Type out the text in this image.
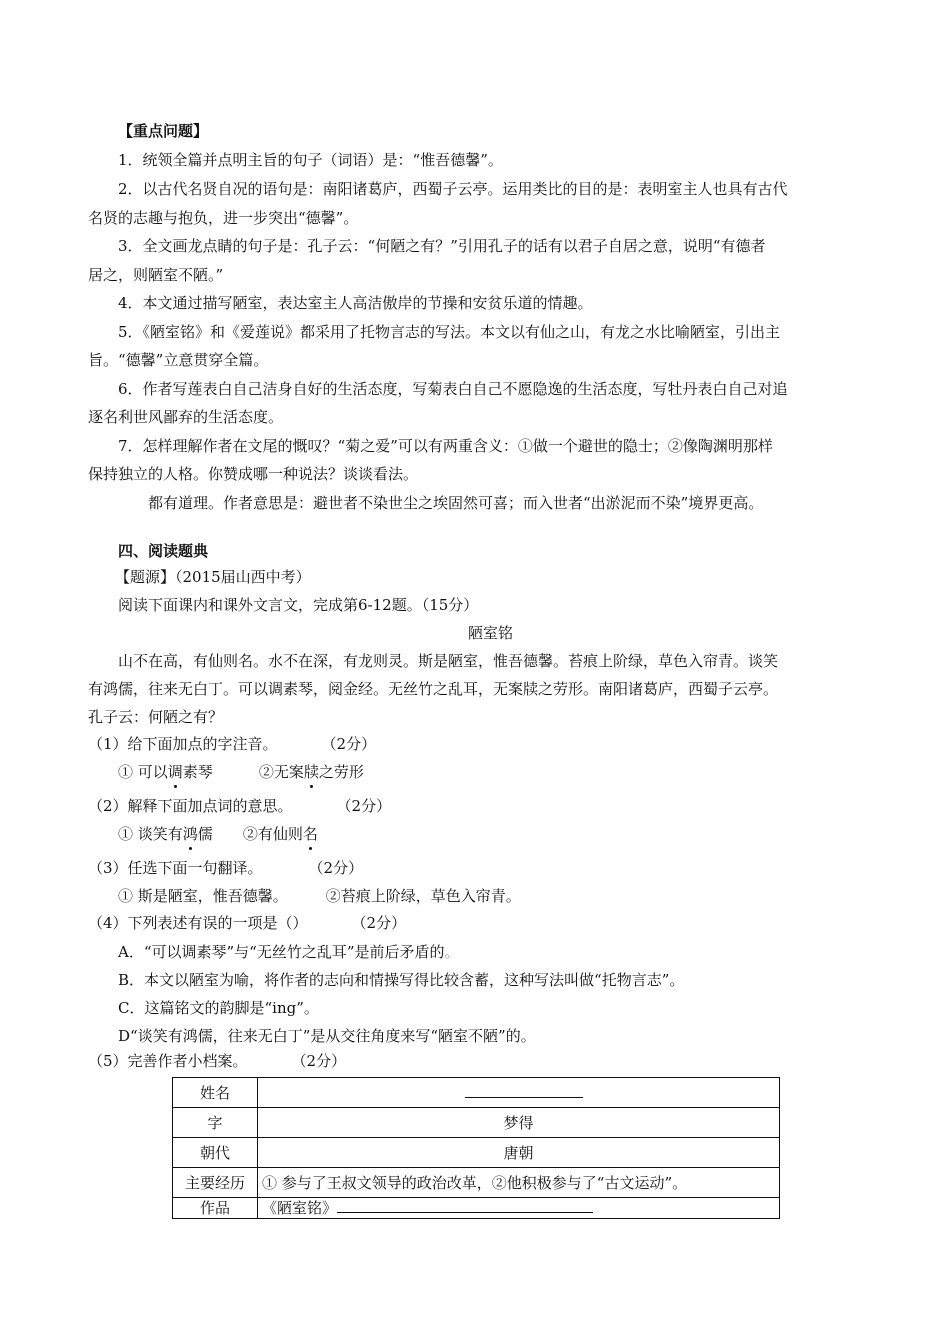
【重点问题】
1．统领全篇并点明主旨的句子（词语）是：“惟吾德馨”。
2．以古代名贤自况的语句是：南阳诸葛庐，西蜀子云亭。运用类比的目的是：表明室主人也具有古代
名贤的志趣与抱负，进一步突出“德馨”。
3．全文画龙点睛的句子是：孔子云：“何陋之有？”引用孔子的话有以君子自居之意，说明“有德者
居之，则陋室不陋。”
4．本文通过描写陋室，表达室主人高洁傲岸的节操和安贫乐道的情趣。
5．《陋室铭》和《爱莲说》都采用了托物言志的写法。本文以有仙之山，有龙之水比喻陋室，引出主
旨。“德馨”立意贯穿全篇。
6．作者写莲表白自己洁身自好的生活态度，写菊表白自己不愿隐逸的生活态度，写牡丹表白自己对追
逐名利世风鄙弃的生活态度。
7．怎样理解作者在文尾的慨叹？“菊之爱”可以有两重含义：①做一个避世的隐士；②像陶渊明那样
保持独立的人格。你赞成哪一种说法？谈谈看法。
都有道理。作者意思是：避世者不染世尘之埃固然可喜；而入世者“出淤泥而不染”境界更高。
四、阅读题典
【题源】（2015届山西中考）
阅读下面课内和课外文言文，完成第6-12题。（15分）
陋室铭
山不在高，有仙则名。水不在深，有龙则灵。斯是陋室，惟吾德馨。苔痕上阶绿，草色入帘青。谈笑
有鸿儒，往来无白丁。可以调素琴，阅金经。无丝竹之乱耳，无案牍之劳形。南阳诸葛庐，西蜀子云亭。
孔子云：何陋之有？
（1）给下面加点的字注音。	（2分）
① 可以调素琴	②无案牍之劳形
（2）解释下面加点词的意思。	（2分）
① 谈笑有鸿儒 ②有仙则名
（3）任选下面一句翻译。	（2分）
① 斯是陋室，惟吾德馨。	②苔痕上阶绿，草色入帘青。
（4）下列表述有误的一项是（）	（2分）
A．“可以调素琴”与“无丝竹之乱耳”是前后矛盾的。
B．本文以陋室为喻，将作者的志向和情操写得比较含蓄，这种写法叫做“托物言志”。
C．这篇铭文的韵脚是“ing”。
D“谈笑有鸿儒，往来无白丁”是从交往角度来写“陋室不陋”的。
（5）完善作者小档案。	（2分）
姓名	
字	梦得
朝代	唐朝
主要经历	① 参与了王叔文领导的政治改革，②他积极参与了“古文运动”。
作品	《陋室铭》
